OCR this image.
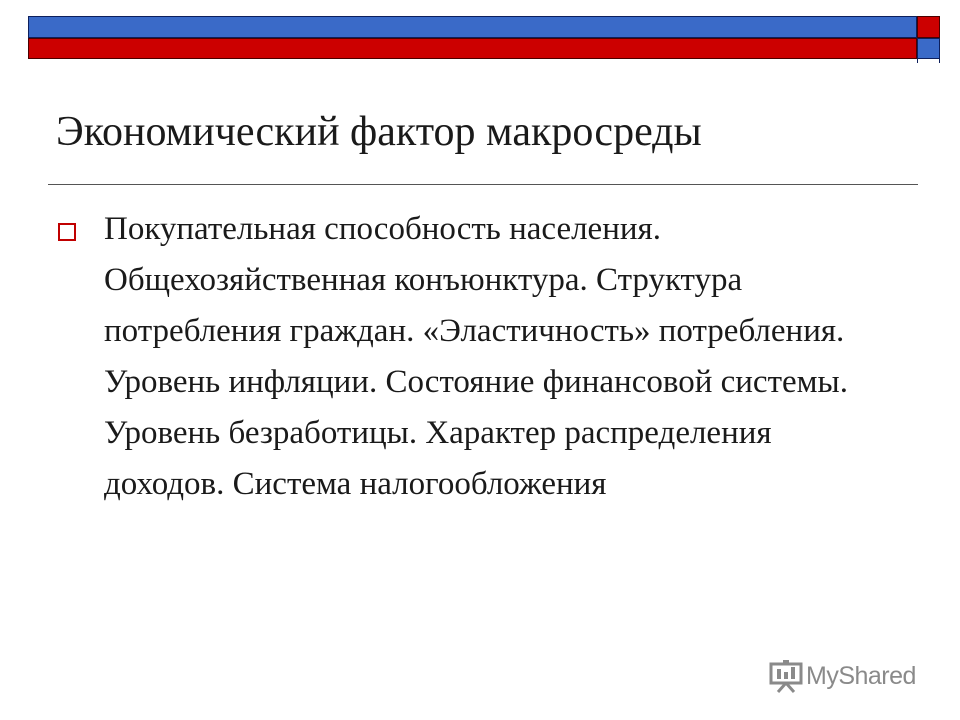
Экономический фактор макросреды

Покупательная способность населения. Общехозяйственная конъюнктура. Структура потребления граждан. «Эластичность» потребления. Уровень инфляции. Состояние финансовой системы. Уровень безработицы. Характер распределения доходов. Система налогообложения

MyShared
